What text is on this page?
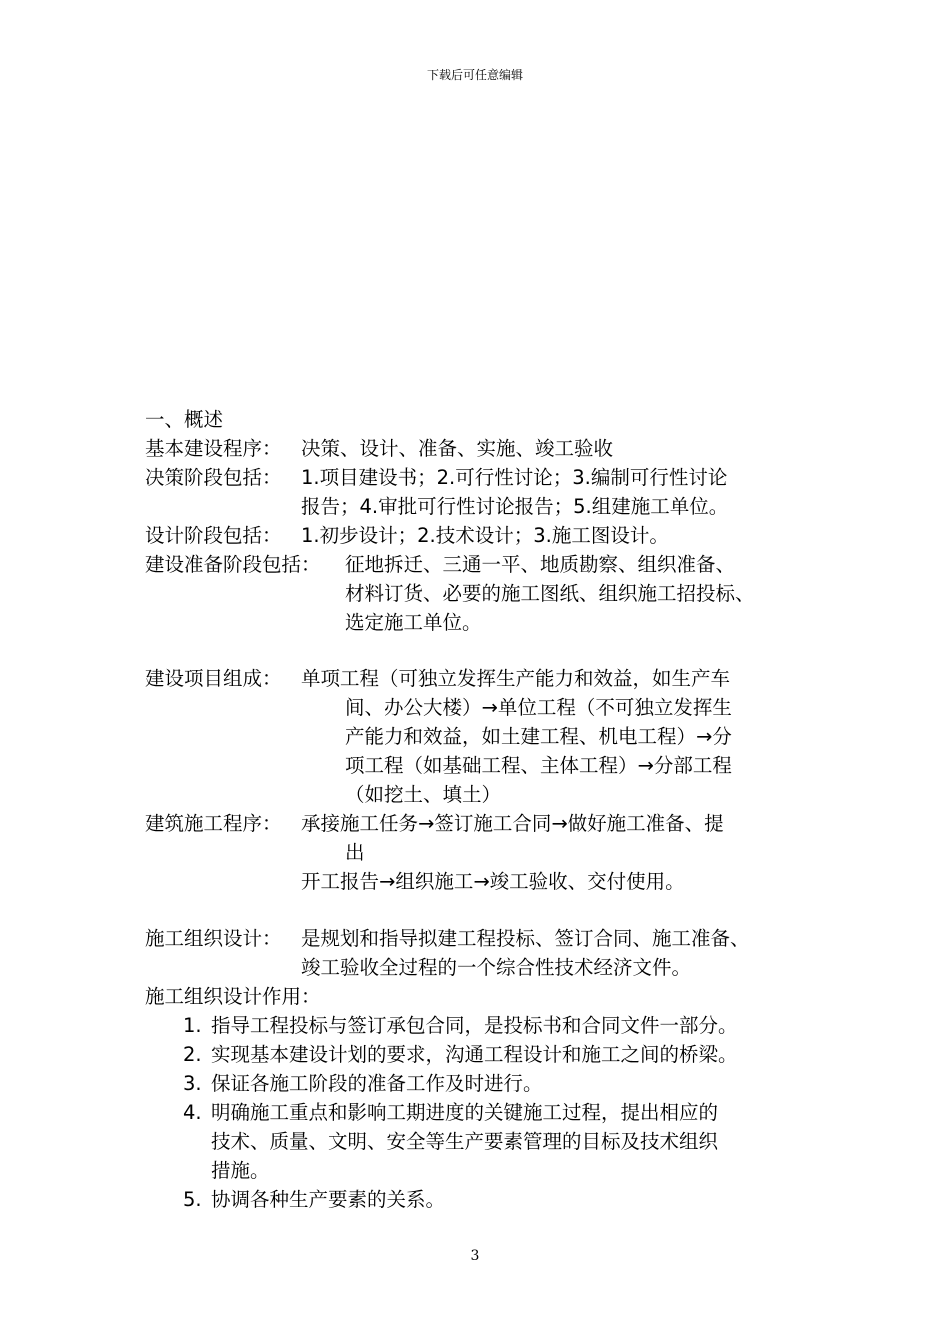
下载后可任意编辑
一、概述
基本建设程序： 决策、设计、准备、实施、竣工验收
决策阶段包括： 1.项目建设书；2.可行性讨论；3.编制可行性讨论
报告；4.审批可行性讨论报告；5.组建施工单位。
设计阶段包括： 1.初步设计；2.技术设计；3.施工图设计。
建设准备阶段包括： 征地拆迁、三通一平、地质勘察、组织准备、
材料订货、必要的施工图纸、组织施工招投标、
选定施工单位。
建设项目组成： 单项工程（可独立发挥生产能力和效益，如生产车
间、办公大楼）→单位工程（不可独立发挥生
产能力和效益，如土建工程、机电工程）→分
项工程（如基础工程、主体工程）→分部工程
（如挖土、填土）
建筑施工程序： 承接施工任务→签订施工合同→做好施工准备、提
出
开工报告→组织施工→竣工验收、交付使用。
施工组织设计： 是规划和指导拟建工程投标、签订合同、施工准备、
竣工验收全过程的一个综合性技术经济文件。
施工组织设计作用：
1. 指导工程投标与签订承包合同，是投标书和合同文件一部分。
2. 实现基本建设计划的要求，沟通工程设计和施工之间的桥梁。
3. 保证各施工阶段的准备工作及时进行。
4. 明确施工重点和影响工期进度的关键施工过程，提出相应的
技术、质量、文明、安全等生产要素管理的目标及技术组织
措施。
5. 协调各种生产要素的关系。
3
